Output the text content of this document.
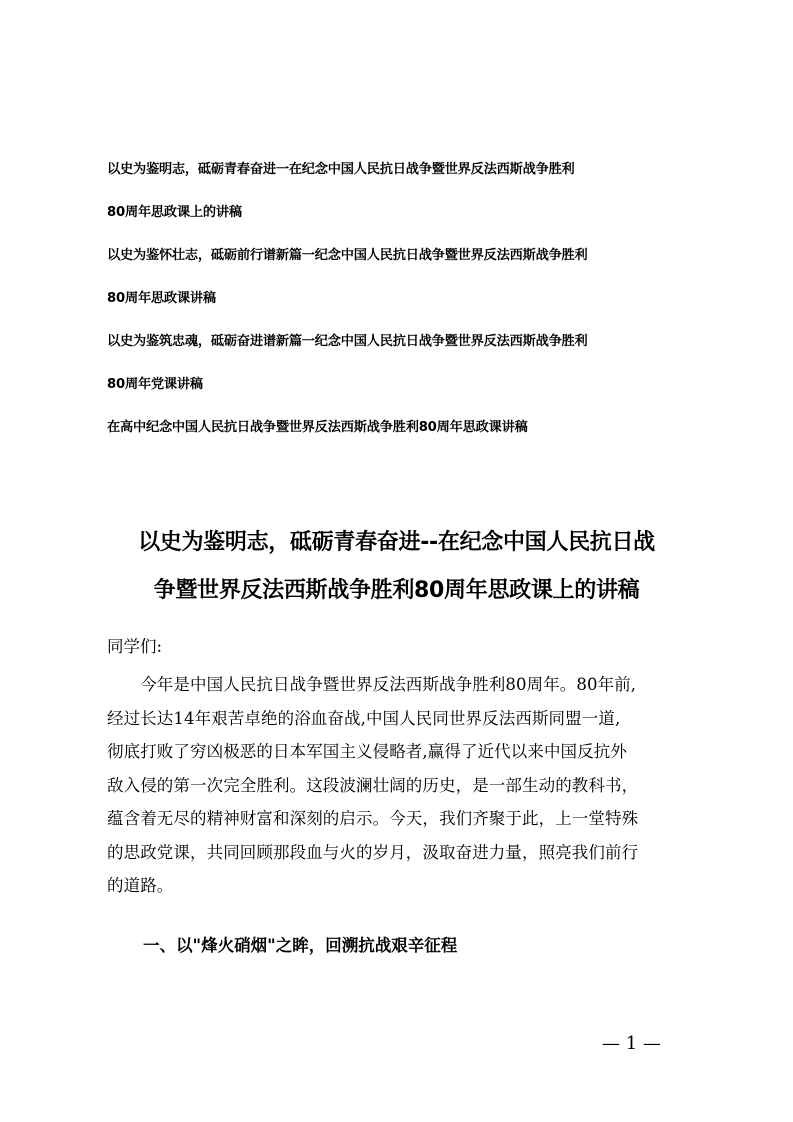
以史为鉴明志，砥砺青春奋进一在纪念中国人民抗日战争暨世界反法西斯战争胜利
80周年思政课上的讲稿
以史为鉴怀壮志，砥砺前行谱新篇一纪念中国人民抗日战争暨世界反法西斯战争胜利
80周年思政课讲稿
以史为鉴筑忠魂，砥砺奋进谱新篇一纪念中国人民抗日战争暨世界反法西斯战争胜利
80周年党课讲稿
在高中纪念中国人民抗日战争暨世界反法西斯战争胜利80周年思政课讲稿
以史为鉴明志，砥砺青春奋进--在纪念中国人民抗日战
争暨世界反法西斯战争胜利80周年思政课上的讲稿
同学们:
　　今年是中国人民抗日战争暨世界反法西斯战争胜利80周年。80年前,
经过长达14年艰苦卓绝的浴血奋战,中国人民同世界反法西斯同盟一道,
彻底打败了穷凶极恶的日本军国主义侵略者,赢得了近代以来中国反抗外
敌入侵的第一次完全胜利。这段波澜壮阔的历史，是一部生动的教科书，
蕴含着无尽的精神财富和深刻的启示。今天，我们齐聚于此，上一堂特殊
的思政党课，共同回顾那段血与火的岁月，汲取奋进力量，照亮我们前行
的道路。
一、以"烽火硝烟"之眸，回溯抗战艰辛征程
— 1 —
